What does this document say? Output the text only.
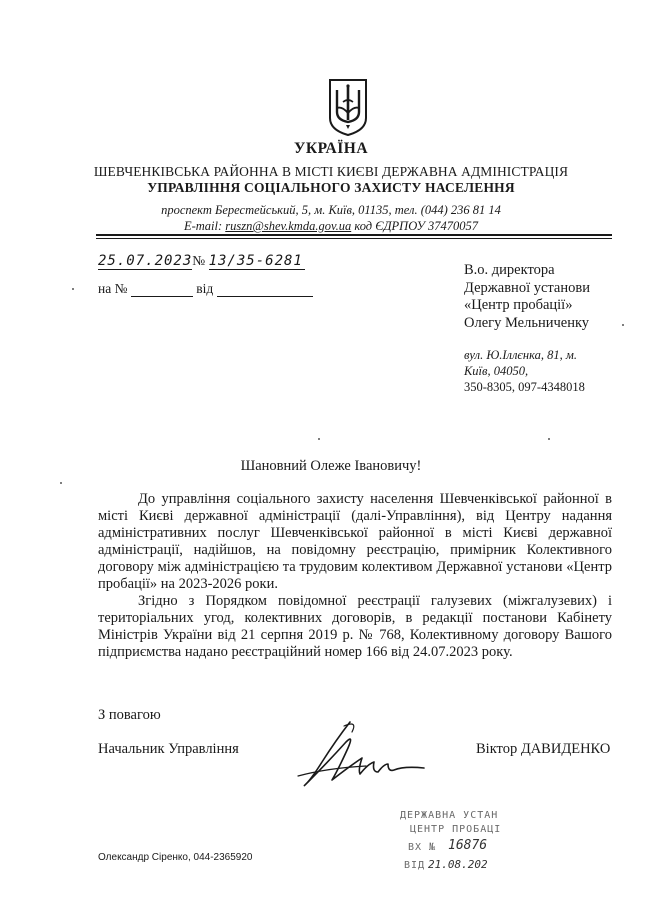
УКРАЇНА
ШЕВЧЕНКІВСЬКА РАЙОННА В МІСТІ КИЄВІ ДЕРЖАВНА АДМІНІСТРАЦІЯ
УПРАВЛІННЯ СОЦІАЛЬНОГО ЗАХИСТУ НАСЕЛЕННЯ
проспект Берестейський, 5, м. Київ, 01135, тел. (044) 236 81 14
E-mail: ruszn@shev.kmda.gov.ua код ЄДРПОУ 37470057
25.07.2023№ 13/35-6281
на №	від
В.о. директора
Державної установи
«Центр пробації»
Олегу Мельниченку
вул. Ю.Іллєнка, 81, м.
Київ, 04050,
350-8305, 097-4348018
Шановний Олеже Івановичу!

До управління соціального захисту населення Шевченківської районної в місті Києві державної адміністрації (далі-Управління), від Центру надання адміністративних послуг Шевченківської районної в місті Києві державної адміністрації, надійшов, на повідомну реєстрацію, примірник Колективного договору між адміністрацією та трудовим колективом Державної установи «Центр пробації» на 2023-2026 роки.

Згідно з Порядком повідомної реєстрації галузевих (міжгалузевих) і територіальних угод, колективних договорів, в редакції постанови Кабінету Міністрів України від 21 серпня 2019 р. № 768, Колективному договору Вашого підприємства надано реєстраційний номер 166 від 24.07.2023 року.

З повагою
Начальник Управління	Віктор ДАВИДЕНКО
Олександр Сіренко, 044-2365920
ДЕРЖАВНА УСТАН
ЦЕНТР ПРОБАЦІ
ВХ № 16876
ВІД 21.08.202
